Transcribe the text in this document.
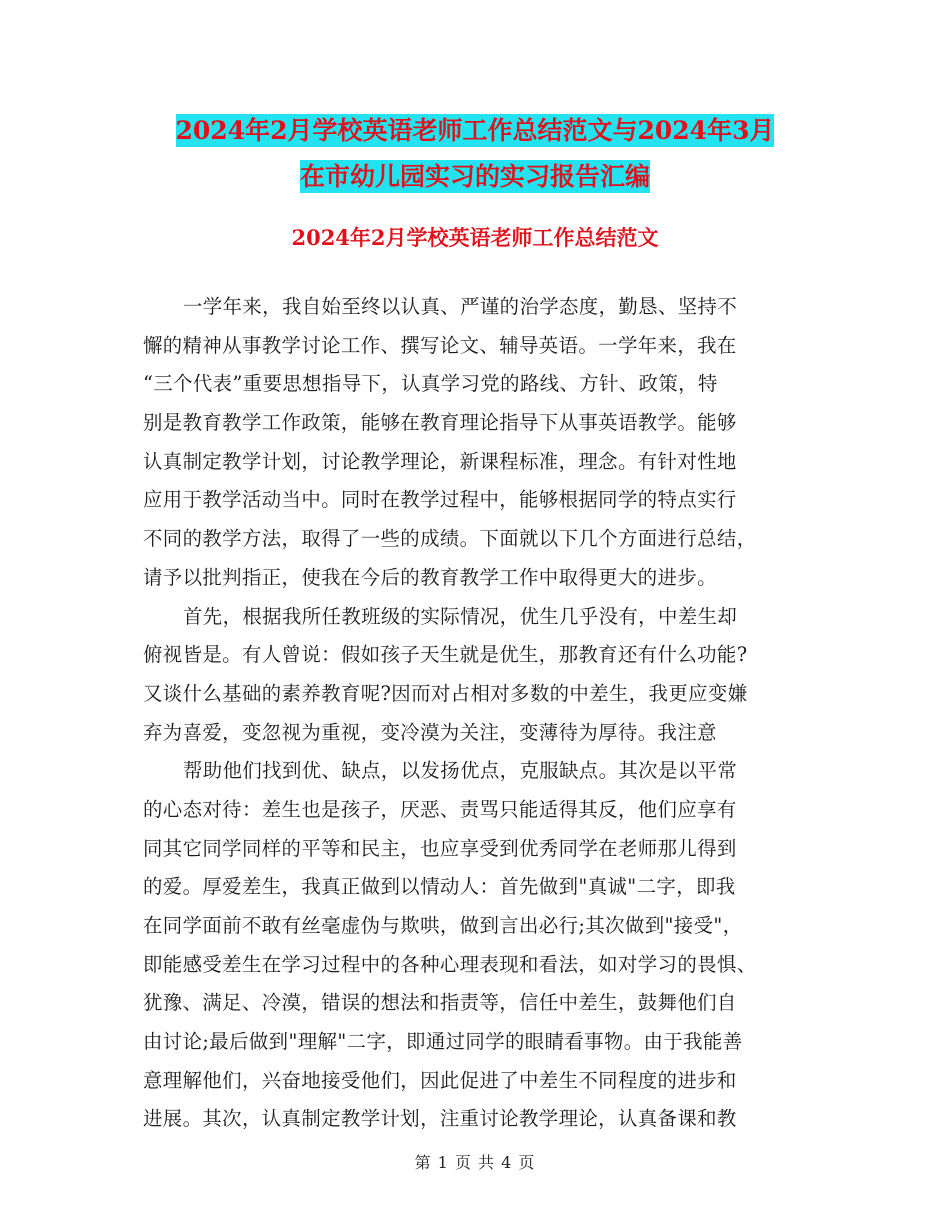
2024年2月学校英语老师工作总结范文与2024年3月
在市幼儿园实习的实习报告汇编
2024年2月学校英语老师工作总结范文
一学年来，我自始至终以认真、严谨的治学态度，勤恳、坚持不
懈的精神从事教学讨论工作、撰写论文、辅导英语。一学年来，我在
“三个代表”重要思想指导下，认真学习党的路线、方针、政策，特
别是教育教学工作政策，能够在教育理论指导下从事英语教学。能够
认真制定教学计划，讨论教学理论，新课程标准，理念。有针对性地
应用于教学活动当中。同时在教学过程中，能够根据同学的特点实行
不同的教学方法，取得了一些的成绩。下面就以下几个方面进行总结，
请予以批判指正，使我在今后的教育教学工作中取得更大的进步。
首先，根据我所任教班级的实际情况，优生几乎没有，中差生却
俯视皆是。有人曾说：假如孩子天生就是优生，那教育还有什么功能?
又谈什么基础的素养教育呢?因而对占相对多数的中差生，我更应变嫌
弃为喜爱，变忽视为重视，变冷漠为关注，变薄待为厚待。我注意
帮助他们找到优、缺点，以发扬优点，克服缺点。其次是以平常
的心态对待：差生也是孩子，厌恶、责骂只能适得其反，他们应享有
同其它同学同样的平等和民主，也应享受到优秀同学在老师那儿得到
的爱。厚爱差生，我真正做到以情动人：首先做到"真诚"二字，即我
在同学面前不敢有丝毫虚伪与欺哄，做到言出必行;其次做到"接受"，
即能感受差生在学习过程中的各种心理表现和看法，如对学习的畏惧、
犹豫、满足、冷漠，错误的想法和指责等，信任中差生，鼓舞他们自
由讨论;最后做到"理解"二字，即通过同学的眼睛看事物。由于我能善
意理解他们，兴奋地接受他们，因此促进了中差生不同程度的进步和
进展。其次，认真制定教学计划，注重讨论教学理论，认真备课和教
第 1 页 共 4 页
